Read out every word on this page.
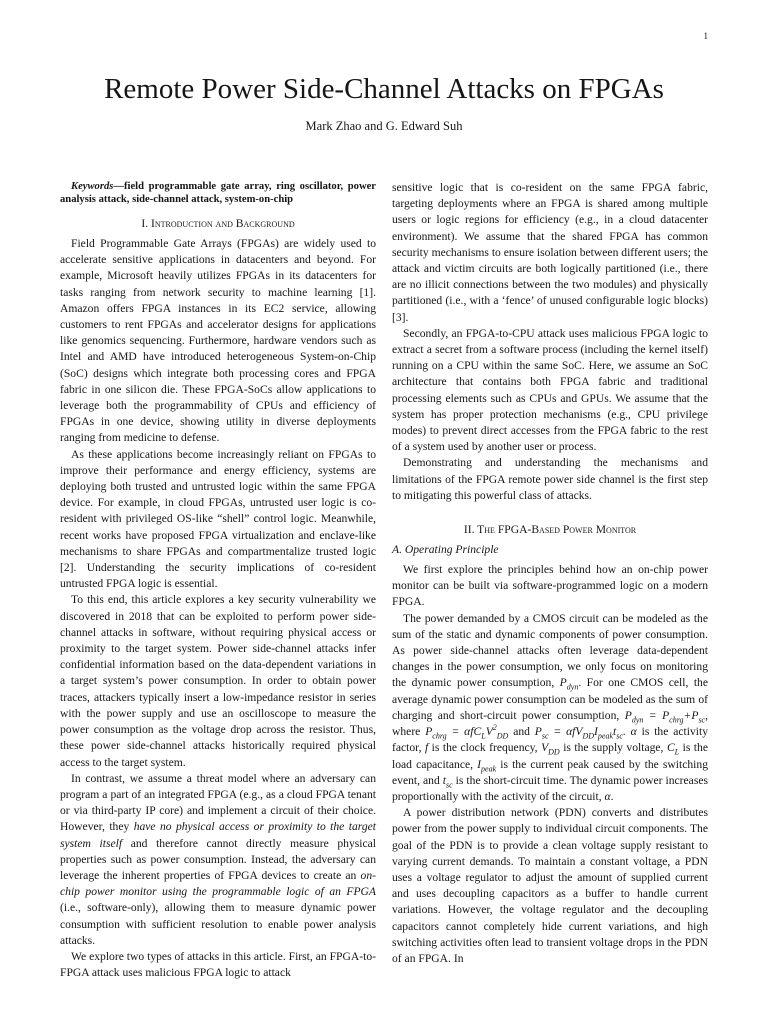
1
Remote Power Side-Channel Attacks on FPGAs
Mark Zhao and G. Edward Suh
Keywords—field programmable gate array, ring oscillator, power analysis attack, side-channel attack, system-on-chip
I. Introduction and Background

Field Programmable Gate Arrays (FPGAs) are widely used to accelerate sensitive applications in datacenters and beyond. For example, Microsoft heavily utilizes FPGAs in its datacenters for tasks ranging from network security to machine learning [1]. Amazon offers FPGA instances in its EC2 service, allowing customers to rent FPGAs and accelerator designs for applications like genomics sequencing. Furthermore, hardware vendors such as Intel and AMD have introduced heterogeneous System-on-Chip (SoC) designs which integrate both processing cores and FPGA fabric in one silicon die. These FPGA-SoCs allow applications to leverage both the programmability of CPUs and efficiency of FPGAs in one device, showing utility in diverse deployments ranging from medicine to defense.

As these applications become increasingly reliant on FPGAs to improve their performance and energy efficiency, systems are deploying both trusted and untrusted logic within the same FPGA device. For example, in cloud FPGAs, untrusted user logic is co-resident with privileged OS-like “shell” control logic. Meanwhile, recent works have proposed FPGA virtualization and enclave-like mechanisms to share FPGAs and compartmentalize trusted logic [2]. Understanding the security implications of co-resident untrusted FPGA logic is essential.

To this end, this article explores a key security vulnerability we discovered in 2018 that can be exploited to perform power side-channel attacks in software, without requiring physical access or proximity to the target system. Power side-channel attacks infer confidential information based on the data-dependent variations in a target system’s power consumption. In order to obtain power traces, attackers typically insert a low-impedance resistor in series with the power supply and use an oscilloscope to measure the power consumption as the voltage drop across the resistor. Thus, these power side-channel attacks historically required physical access to the target system.

In contrast, we assume a threat model where an adversary can program a part of an integrated FPGA (e.g., as a cloud FPGA tenant or via third-party IP core) and implement a circuit of their choice. However, they have no physical access or proximity to the target system itself and therefore cannot directly measure physical properties such as power consumption. Instead, the adversary can leverage the inherent properties of FPGA devices to create an on-chip power monitor using the programmable logic of an FPGA (i.e., software-only), allowing them to measure dynamic power consumption with sufficient resolution to enable power analysis attacks.

We explore two types of attacks in this article. First, an FPGA-to-FPGA attack uses malicious FPGA logic to attack

sensitive logic that is co-resident on the same FPGA fabric, targeting deployments where an FPGA is shared among multiple users or logic regions for efficiency (e.g., in a cloud datacenter environment). We assume that the shared FPGA has common security mechanisms to ensure isolation between different users; the attack and victim circuits are both logically partitioned (i.e., there are no illicit connections between the two modules) and physically partitioned (i.e., with a ‘fence’ of unused configurable logic blocks) [3].

Secondly, an FPGA-to-CPU attack uses malicious FPGA logic to extract a secret from a software process (including the kernel itself) running on a CPU within the same SoC. Here, we assume an SoC architecture that contains both FPGA fabric and traditional processing elements such as CPUs and GPUs. We assume that the system has proper protection mechanisms (e.g., CPU privilege modes) to prevent direct accesses from the FPGA fabric to the rest of a system used by another user or process.

Demonstrating and understanding the mechanisms and limitations of the FPGA remote power side channel is the first step to mitigating this powerful class of attacks.

II. The FPGA-Based Power Monitor
A. Operating Principle

We first explore the principles behind how an on-chip power monitor can be built via software-programmed logic on a modern FPGA.

The power demanded by a CMOS circuit can be modeled as the sum of the static and dynamic components of power consumption. As power side-channel attacks often leverage data-dependent changes in the power consumption, we only focus on monitoring the dynamic power consumption, $P_{dyn}$. For one CMOS cell, the average dynamic power consumption can be modeled as the sum of charging and short-circuit power consumption, $P_{dyn} = P_{chrg}+P_{sc}$, where $P_{chrg} = \alpha fC_LV^2_{DD}$ and $P_{sc} = \alpha fV_{DD}I_{peak}t_{sc}$. α is the activity factor, f is the clock frequency, $V_{DD}$ is the supply voltage, $C_L$ is the load capacitance, $I_{peak}$ is the current peak caused by the switching event, and $t_{sc}$ is the short-circuit time. The dynamic power increases proportionally with the activity of the circuit, α.

A power distribution network (PDN) converts and distributes power from the power supply to individual circuit components. The goal of the PDN is to provide a clean voltage supply resistant to varying current demands. To maintain a constant voltage, a PDN uses a voltage regulator to adjust the amount of supplied current and uses decoupling capacitors as a buffer to handle current variations. However, the voltage regulator and the decoupling capacitors cannot completely hide current variations, and high switching activities often lead to transient voltage drops in the PDN of an FPGA. In
